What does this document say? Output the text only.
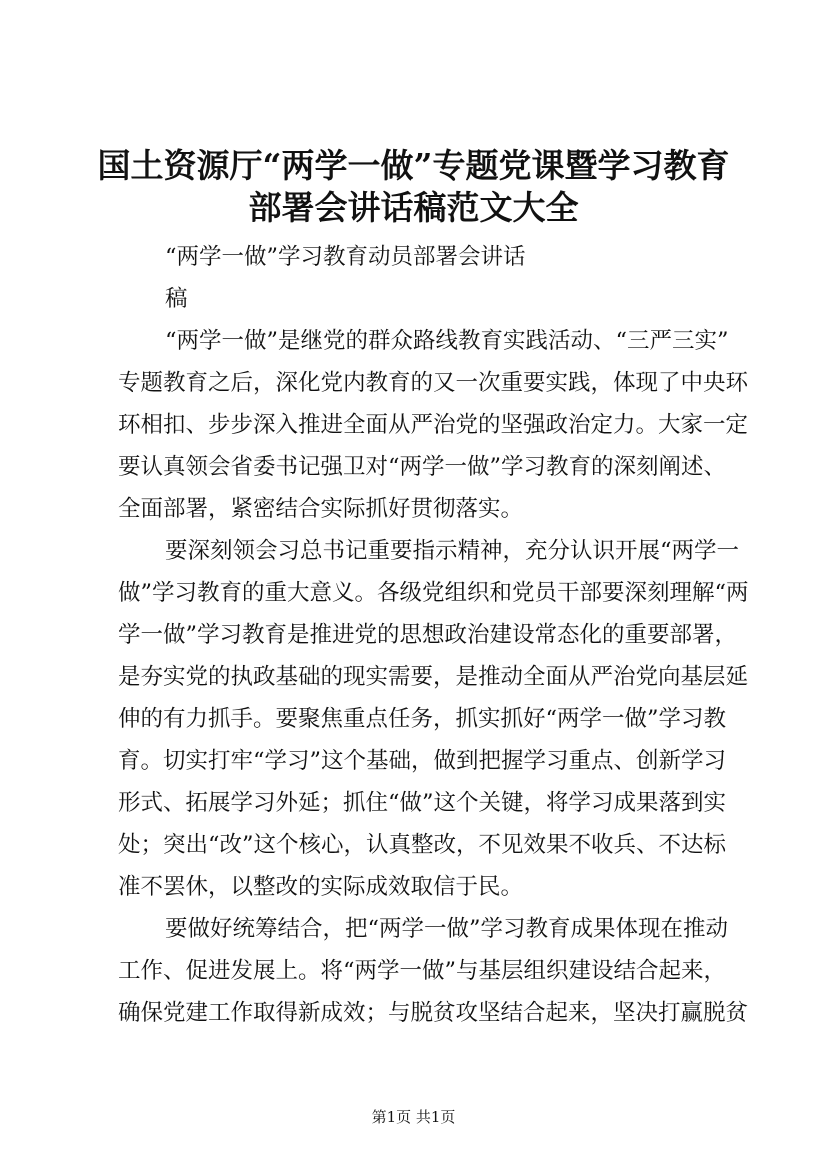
国土资源厅“两学一做”专题党课暨学习教育
部署会讲话稿范文大全
“两学一做”学习教育动员部署会讲话
稿
“两学一做”是继党的群众路线教育实践活动、“三严三实”
专题教育之后，深化党内教育的又一次重要实践，体现了中央环
环相扣、步步深入推进全面从严治党的坚强政治定力。大家一定
要认真领会省委书记强卫对“两学一做”学习教育的深刻阐述、
全面部署，紧密结合实际抓好贯彻落实。
要深刻领会习总书记重要指示精神，充分认识开展“两学一
做”学习教育的重大意义。各级党组织和党员干部要深刻理解“两
学一做”学习教育是推进党的思想政治建设常态化的重要部署，
是夯实党的执政基础的现实需要，是推动全面从严治党向基层延
伸的有力抓手。要聚焦重点任务，抓实抓好“两学一做”学习教
育。切实打牢“学习”这个基础，做到把握学习重点、创新学习
形式、拓展学习外延；抓住“做”这个关键，将学习成果落到实
处；突出“改”这个核心，认真整改，不见效果不收兵、不达标
准不罢休，以整改的实际成效取信于民。
要做好统筹结合，把“两学一做”学习教育成果体现在推动
工作、促进发展上。将“两学一做”与基层组织建设结合起来，
确保党建工作取得新成效；与脱贫攻坚结合起来，坚决打赢脱贫
第1页 共1页
